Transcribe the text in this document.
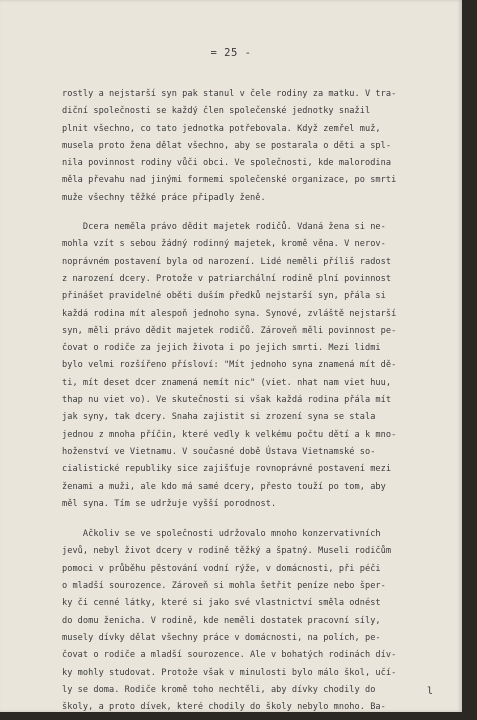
= 25 -
rostly a nejstarší syn pak stanul v čele rodiny za matku. V tra-
diční společnosti se každý člen společenské jednotky snažil
plnit všechno, co tato jednotka potřebovala. Když zemřel muž,
musela proto žena dělat všechno, aby se postarala o děti a spl-
nila povinnost rodiny vůči obci. Ve společnosti, kde malorodina
měla převahu nad jinými formemi společenské organizace, po smrti
muže všechny těžké práce připadly ženě.
Dcera neměla právo dědit majetek rodičů. Vdaná žena si ne-
mohla vzít s sebou žádný rodinný majetek, kromě věna. V nerov-
noprávném postavení byla od narození. Lidé neměli příliš radost
z narození dcery. Protože v patriarchální rodině plní povinnost
přinášet pravidelné oběti duším předků nejstarší syn, přála si
každá rodina mít alespoň jednoho syna. Synové, zvláště nejstarší
syn, měli právo dědit majetek rodičů. Zároveň měli povinnost pe-
čovat o rodiče za jejich života i po jejich smrti. Mezi lidmi
bylo velmi rozšířeno přísloví: "Mít jednoho syna znamená mít dě-
ti, mít deset dcer znamená nemít nic" (viet. nhat nam viet huu,
thap nu viet vo). Ve skutečnosti si však každá rodina přála mít
jak syny, tak dcery. Snaha zajistit si zrození syna se stala
jednou z mnoha příčin, které vedly k velkému počtu dětí a k mno-
hoženství ve Vietnamu. V současné době Ústava Vietnamské so-
cialistické republiky sice zajišťuje rovnoprávné postavení mezi
ženami a muži, ale kdo má samé dcery, přesto touží po tom, aby
měl syna. Tím se udržuje vyšší porodnost.
Ačkoliv se ve společnosti udržovalo mnoho konzervativních
jevů, nebyl život dcery v rodině těžký a špatný. Museli rodičům
pomoci v průběhu pěstování vodní rýže, v domácnosti, při péči
o mladší sourozence. Zároveň si mohla šetřit peníze nebo šper-
ky či cenné látky, které si jako své vlastnictví směla odnést
do domu ženicha. V rodině, kde neměli dostatek pracovní síly,
musely dívky dělat všechny práce v domácnosti, na polích, pe-
čovat o rodiče a mladší sourozence. Ale v bohatých rodinách dív-
ky mohly studovat. Protože však v minulosti bylo málo škol, učí-
ly se doma. Rodiče kromě toho nechtěli, aby dívky chodily do
školy, a proto dívek, které chodily do školy nebylo mnoho. Ba-
l
